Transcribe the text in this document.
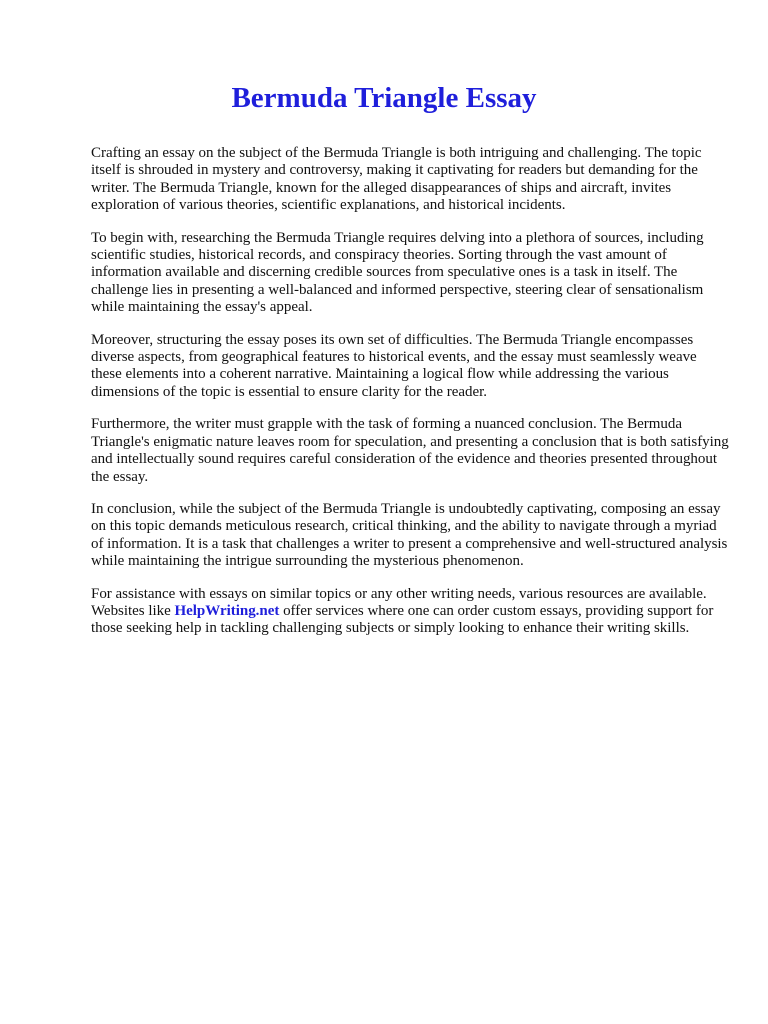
Bermuda Triangle Essay

Crafting an essay on the subject of the Bermuda Triangle is both intriguing and challenging. The topic itself is shrouded in mystery and controversy, making it captivating for readers but demanding for the writer. The Bermuda Triangle, known for the alleged disappearances of ships and aircraft, invites exploration of various theories, scientific explanations, and historical incidents.

To begin with, researching the Bermuda Triangle requires delving into a plethora of sources, including scientific studies, historical records, and conspiracy theories. Sorting through the vast amount of information available and discerning credible sources from speculative ones is a task in itself. The challenge lies in presenting a well-balanced and informed perspective, steering clear of sensationalism while maintaining the essay's appeal.

Moreover, structuring the essay poses its own set of difficulties. The Bermuda Triangle encompasses diverse aspects, from geographical features to historical events, and the essay must seamlessly weave these elements into a coherent narrative. Maintaining a logical flow while addressing the various dimensions of the topic is essential to ensure clarity for the reader.

Furthermore, the writer must grapple with the task of forming a nuanced conclusion. The Bermuda Triangle's enigmatic nature leaves room for speculation, and presenting a conclusion that is both satisfying and intellectually sound requires careful consideration of the evidence and theories presented throughout the essay.

In conclusion, while the subject of the Bermuda Triangle is undoubtedly captivating, composing an essay on this topic demands meticulous research, critical thinking, and the ability to navigate through a myriad of information. It is a task that challenges a writer to present a comprehensive and well-structured analysis while maintaining the intrigue surrounding the mysterious phenomenon.

For assistance with essays on similar topics or any other writing needs, various resources are available. Websites like HelpWriting.net offer services where one can order custom essays, providing support for those seeking help in tackling challenging subjects or simply looking to enhance their writing skills.
